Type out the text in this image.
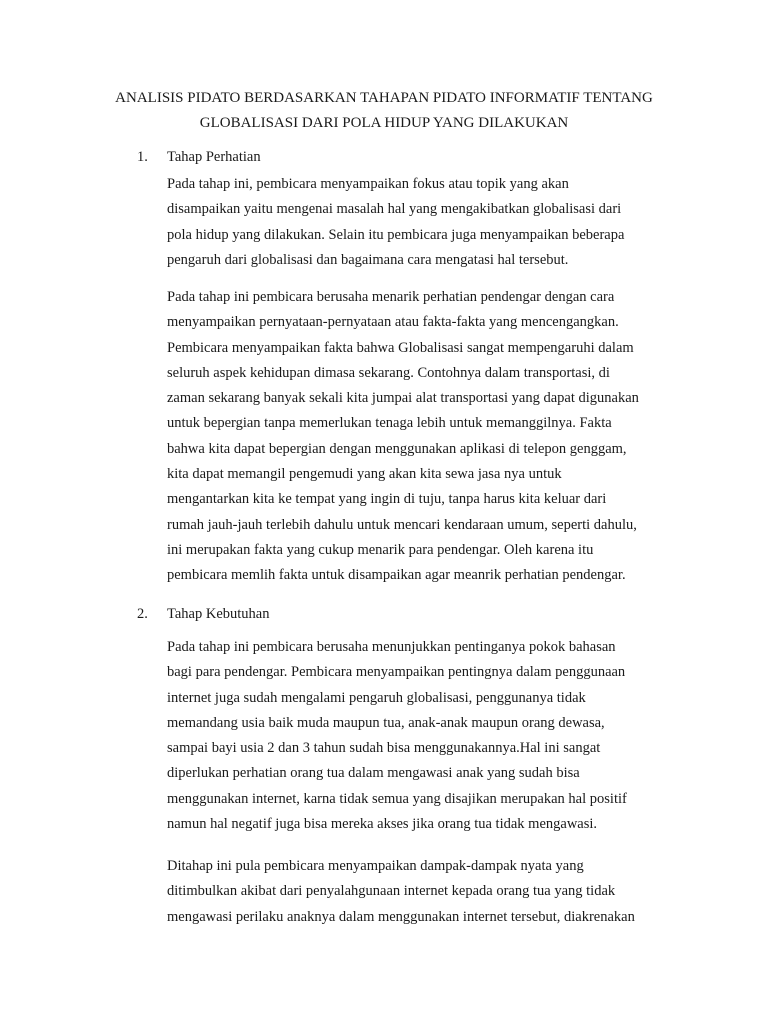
ANALISIS PIDATO BERDASARKAN TAHAPAN PIDATO INFORMATIF TENTANG
GLOBALISASI DARI POLA HIDUP YANG DILAKUKAN
1. Tahap Perhatian
Pada tahap ini, pembicara menyampaikan fokus atau topik yang akan
disampaikan yaitu mengenai masalah hal yang mengakibatkan globalisasi dari
pola hidup yang dilakukan. Selain itu pembicara juga menyampaikan beberapa
pengaruh dari globalisasi dan bagaimana cara mengatasi hal tersebut.
Pada tahap ini pembicara berusaha menarik perhatian pendengar dengan cara
menyampaikan pernyataan-pernyataan atau fakta-fakta yang mencengangkan.
Pembicara menyampaikan fakta bahwa Globalisasi sangat mempengaruhi dalam
seluruh aspek kehidupan dimasa sekarang. Contohnya dalam transportasi, di
zaman sekarang banyak sekali kita jumpai alat transportasi yang dapat digunakan
untuk bepergian tanpa memerlukan tenaga lebih untuk memanggilnya. Fakta
bahwa kita dapat bepergian dengan menggunakan aplikasi di telepon genggam,
kita dapat memangil pengemudi yang akan kita sewa jasa nya untuk
mengantarkan kita ke tempat yang ingin di tuju, tanpa harus kita keluar dari
rumah jauh-jauh terlebih dahulu untuk mencari kendaraan umum, seperti dahulu,
ini merupakan fakta yang cukup menarik para pendengar. Oleh karena itu
pembicara memlih fakta untuk disampaikan agar meanrik perhatian pendengar.
2. Tahap Kebutuhan
Pada tahap ini pembicara berusaha menunjukkan pentinganya pokok bahasan
bagi para pendengar. Pembicara menyampaikan pentingnya dalam penggunaan
internet juga sudah mengalami pengaruh globalisasi, penggunanya tidak
memandang usia baik muda maupun tua, anak-anak maupun orang dewasa,
sampai bayi usia 2 dan 3 tahun sudah bisa menggunakannya.Hal ini sangat
diperlukan perhatian orang tua dalam mengawasi anak yang sudah bisa
menggunakan internet, karna tidak semua yang disajikan merupakan hal positif
namun hal negatif juga bisa mereka akses jika orang tua tidak mengawasi.
Ditahap ini pula pembicara menyampaikan dampak-dampak nyata yang
ditimbulkan akibat dari penyalahgunaan internet kepada orang tua yang tidak
mengawasi perilaku anaknya dalam menggunakan internet tersebut, diakrenakan
